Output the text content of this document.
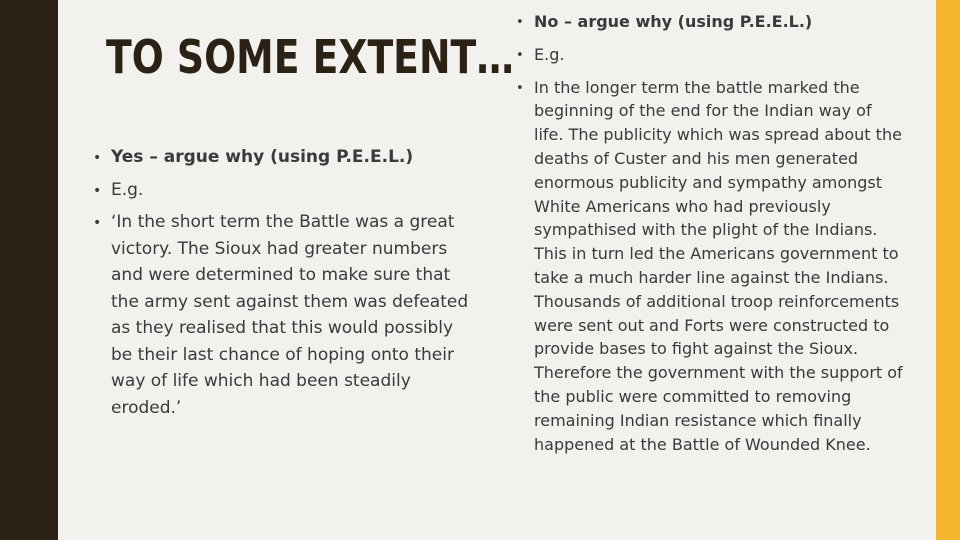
TO SOME EXTENT…
• Yes – argue why (using P.E.E.L.)
• E.g.
• ‘In the short term the Battle was a great victory. The Sioux had greater numbers and were determined to make sure that the army sent against them was defeated as they realised that this would possibly be their last chance of hoping onto their way of life which had been steadily eroded.’
• No – argue why (using P.E.E.L.)
• E.g.
• In the longer term the battle marked the beginning of the end for the Indian way of life. The publicity which was spread about the deaths of Custer and his men generated enormous publicity and sympathy amongst White Americans who had previously sympathised with the plight of the Indians. This in turn led the Americans government to take a much harder line against the Indians. Thousands of additional troop reinforcements were sent out and Forts were constructed to provide bases to fight against the Sioux. Therefore the government with the support of the public were committed to removing remaining Indian resistance which finally happened at the Battle of Wounded Knee.
